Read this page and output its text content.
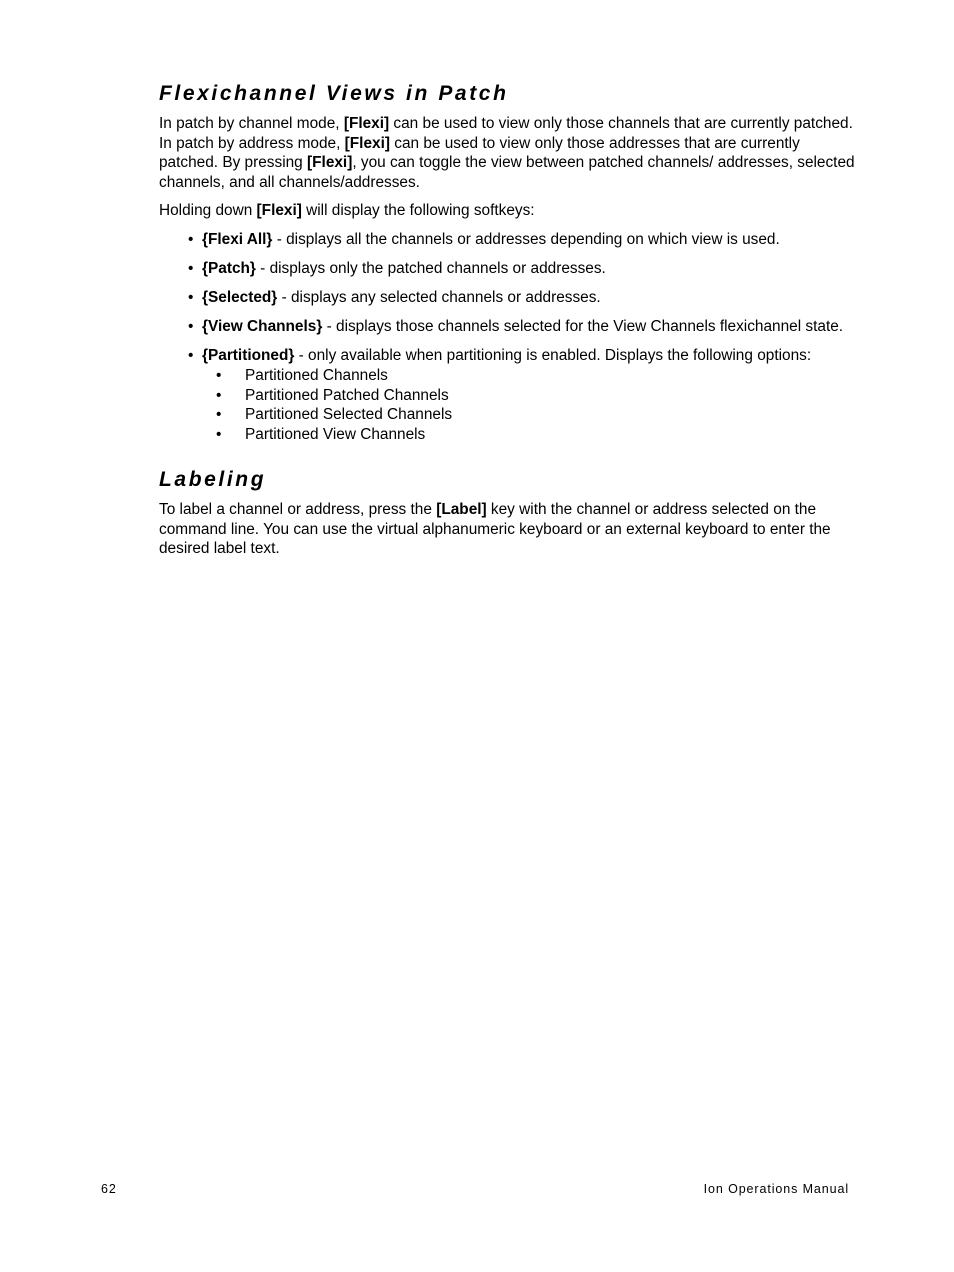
Flexichannel Views in Patch

In patch by channel mode, [Flexi] can be used to view only those channels that are currently patched. In patch by address mode, [Flexi] can be used to view only those addresses that are currently patched. By pressing [Flexi], you can toggle the view between patched channels/ addresses, selected channels, and all channels/addresses.

Holding down [Flexi] will display the following softkeys:

• {Flexi All} - displays all the channels or addresses depending on which view is used.
• {Patch} - displays only the patched channels or addresses.
• {Selected} - displays any selected channels or addresses.
• {View Channels} - displays those channels selected for the View Channels flexichannel state.
• {Partitioned} - only available when partitioning is enabled. Displays the following options:
• Partitioned Channels
• Partitioned Patched Channels
• Partitioned Selected Channels
• Partitioned View Channels
Labeling

To label a channel or address, press the [Label] key with the channel or address selected on the command line. You can use the virtual alphanumeric keyboard or an external keyboard to enter the desired label text.

62	Ion Operations Manual
